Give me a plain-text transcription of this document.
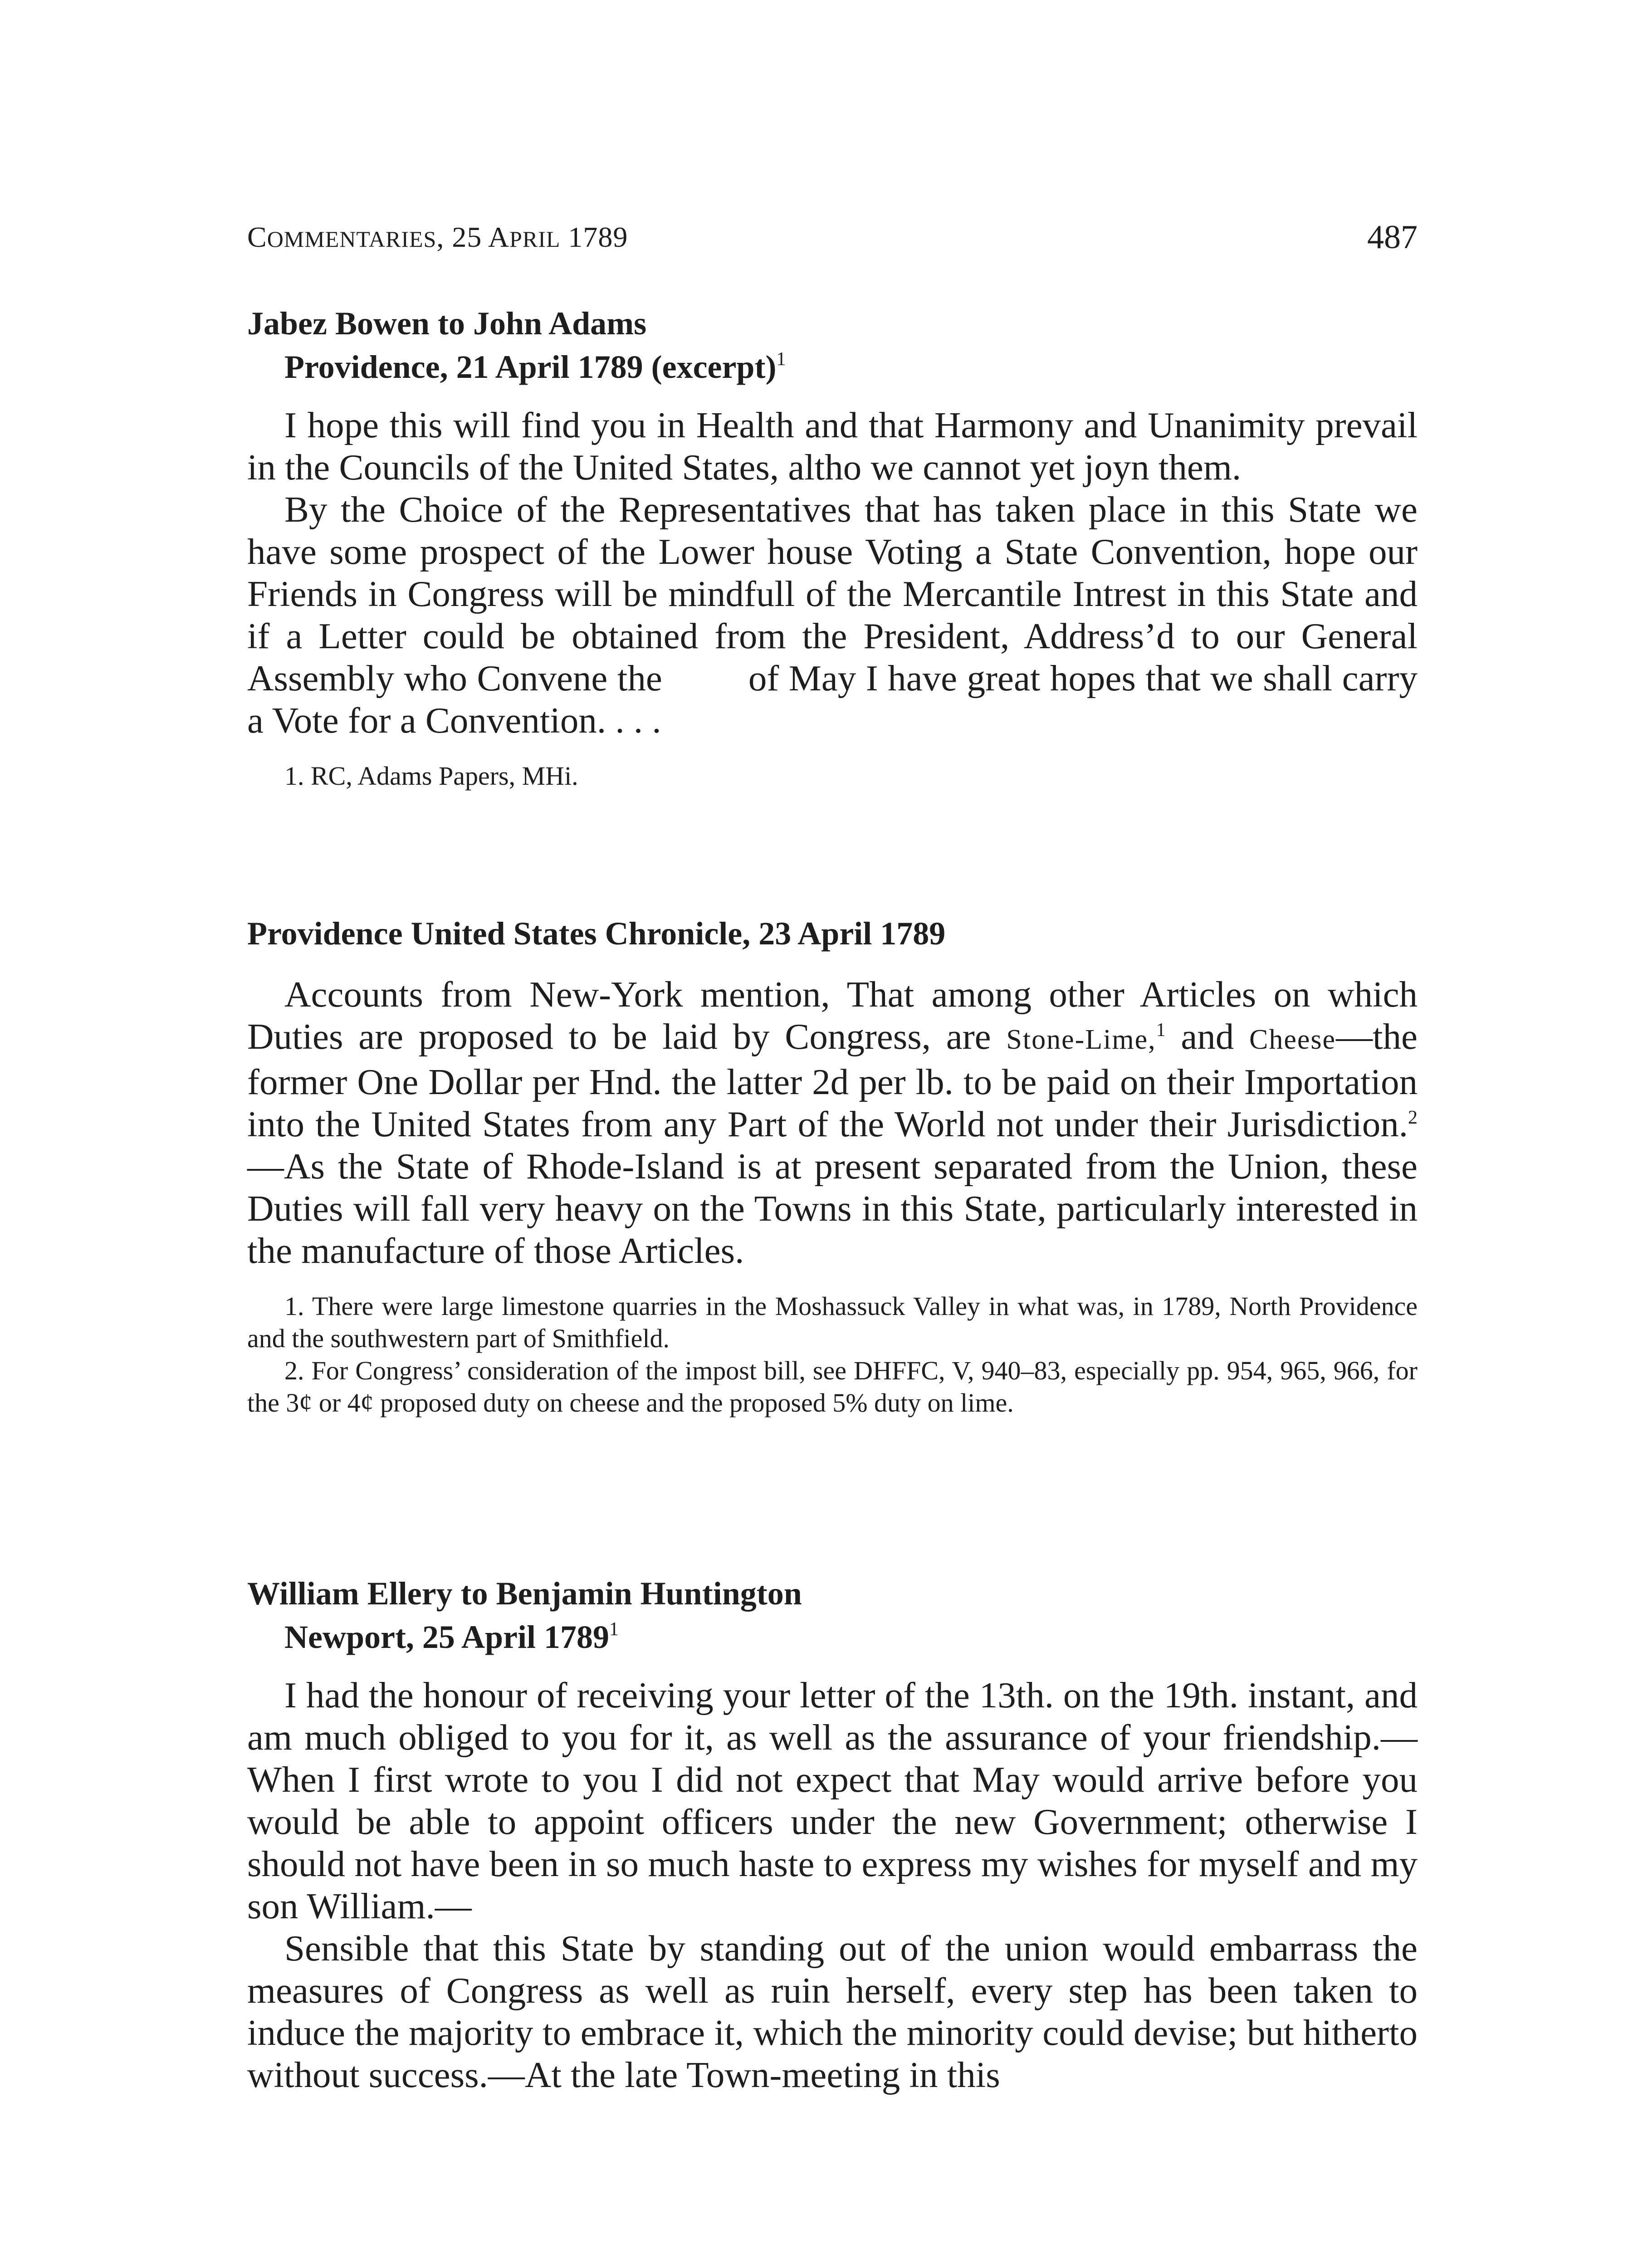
COMMENTARIES, 25 APRIL 1789	487
Jabez Bowen to John Adams
Providence, 21 April 1789 (excerpt)$^1$

I hope this will find you in Health and that Harmony and Unanimity prevail in the Councils of the United States, altho we cannot yet joyn them.

By the Choice of the Representatives that has taken place in this State we have some prospect of the Lower house Voting a State Convention, hope our Friends in Congress will be mindfull of the Mercantile Intrest in this State and if a Letter could be obtained from the President, Address’d to our General Assembly who Convene the of May I have great hopes that we shall carry a Vote for a Convention. . . .

1. RC, Adams Papers, MHi.

Providence United States Chronicle, 23 April 1789

Accounts from New-York mention, That among other Articles on which Duties are proposed to be laid by Congress, are Stone-Lime,$^1$ and Cheese—the former One Dollar per Hnd. the latter 2d per lb. to be paid on their Importation into the United States from any Part of the World not under their Jurisdiction.$^2$—As the State of Rhode-Island is at present separated from the Union, these Duties will fall very heavy on the Towns in this State, particularly interested in the manufacture of those Articles.

1. There were large limestone quarries in the Moshassuck Valley in what was, in 1789, North Providence and the southwestern part of Smithfield.

2. For Congress’ consideration of the impost bill, see DHFFC, V, 940–83, especially pp. 954, 965, 966, for the 3¢ or 4¢ proposed duty on cheese and the proposed 5% duty on lime.

William Ellery to Benjamin Huntington
Newport, 25 April 1789$^1$

I had the honour of receiving your letter of the 13th. on the 19th. instant, and am much obliged to you for it, as well as the assurance of your friendship.—When I first wrote to you I did not expect that May would arrive before you would be able to appoint officers under the new Government; otherwise I should not have been in so much haste to express my wishes for myself and my son William.—

Sensible that this State by standing out of the union would embarrass the measures of Congress as well as ruin herself, every step has been taken to induce the majority to embrace it, which the minority could devise; but hitherto without success.—At the late Town-meeting in this
